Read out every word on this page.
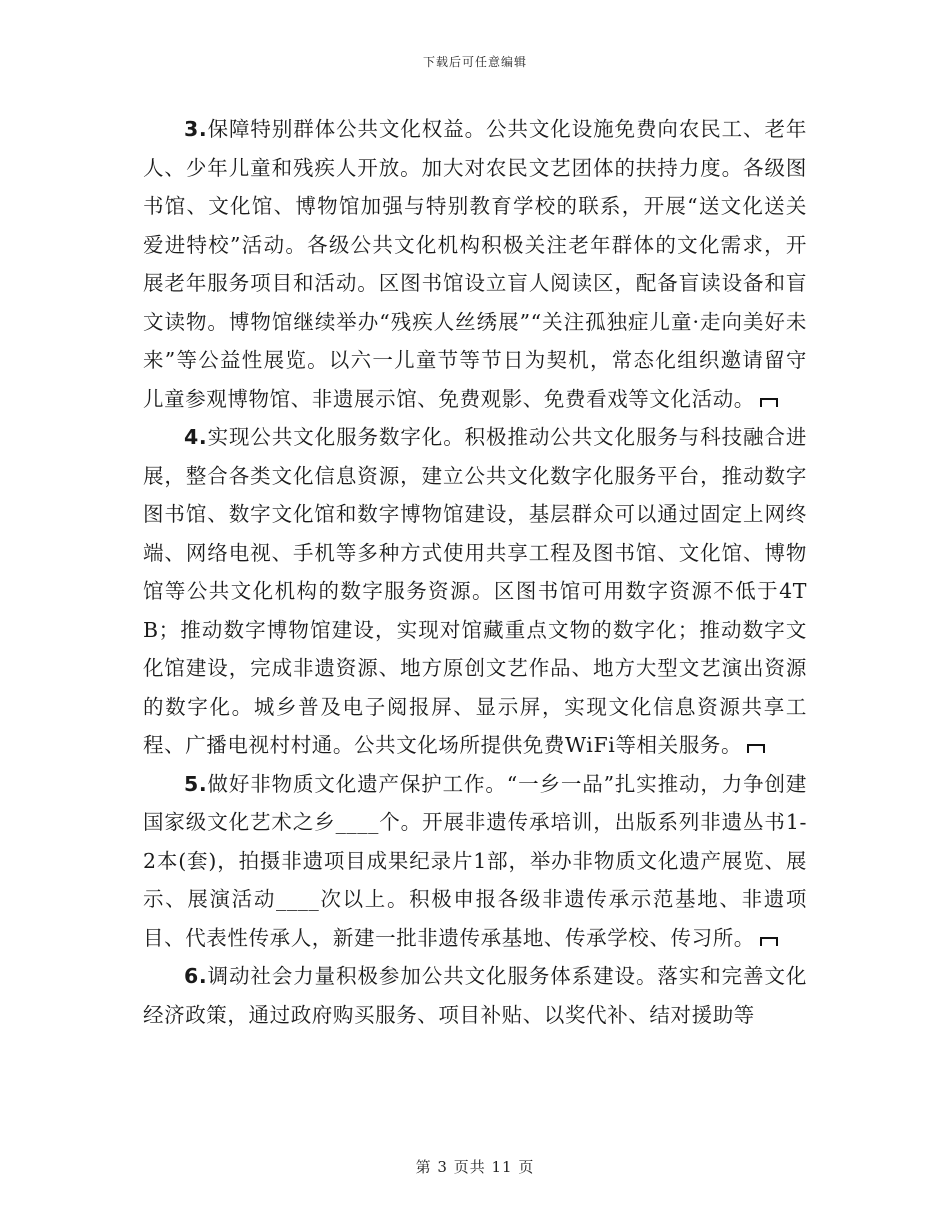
下载后可任意编辑

3.保障特别群体公共文化权益。公共文化设施免费向农民工、老年人、少年儿童和残疾人开放。加大对农民文艺团体的扶持力度。各级图书馆、文化馆、博物馆加强与特别教育学校的联系，开展“送文化送关爱进特校”活动。各级公共文化机构积极关注老年群体的文化需求，开展老年服务项目和活动。区图书馆设立盲人阅读区，配备盲读设备和盲文读物。博物馆继续举办“残疾人丝绣展”“关注孤独症儿童·走向美好未来”等公益性展览。以六一儿童节等节日为契机，常态化组织邀请留守儿童参观博物馆、非遗展示馆、免费观影、免费看戏等文化活动。

4.实现公共文化服务数字化。积极推动公共文化服务与科技融合进展，整合各类文化信息资源，建立公共文化数字化服务平台，推动数字图书馆、数字文化馆和数字博物馆建设，基层群众可以通过固定上网终端、网络电视、手机等多种方式使用共享工程及图书馆、文化馆、博物馆等公共文化机构的数字服务资源。区图书馆可用数字资源不低于4TB；推动数字博物馆建设，实现对馆藏重点文物的数字化；推动数字文化馆建设，完成非遗资源、地方原创文艺作品、地方大型文艺演出资源的数字化。城乡普及电子阅报屏、显示屏，实现文化信息资源共享工程、广播电视村村通。公共文化场所提供免费WiFi等相关服务。

5.做好非物质文化遗产保护工作。“一乡一品”扎实推动，力争创建国家级文化艺术之乡____个。开展非遗传承培训，出版系列非遗丛书1-2本(套)，拍摄非遗项目成果纪录片1部，举办非物质文化遗产展览、展示、展演活动____次以上。积极申报各级非遗传承示范基地、非遗项目、代表性传承人，新建一批非遗传承基地、传承学校、传习所。

6.调动社会力量积极参加公共文化服务体系建设。落实和完善文化经济政策，通过政府购买服务、项目补贴、以奖代补、结对援助等

第 3 页共 11 页
